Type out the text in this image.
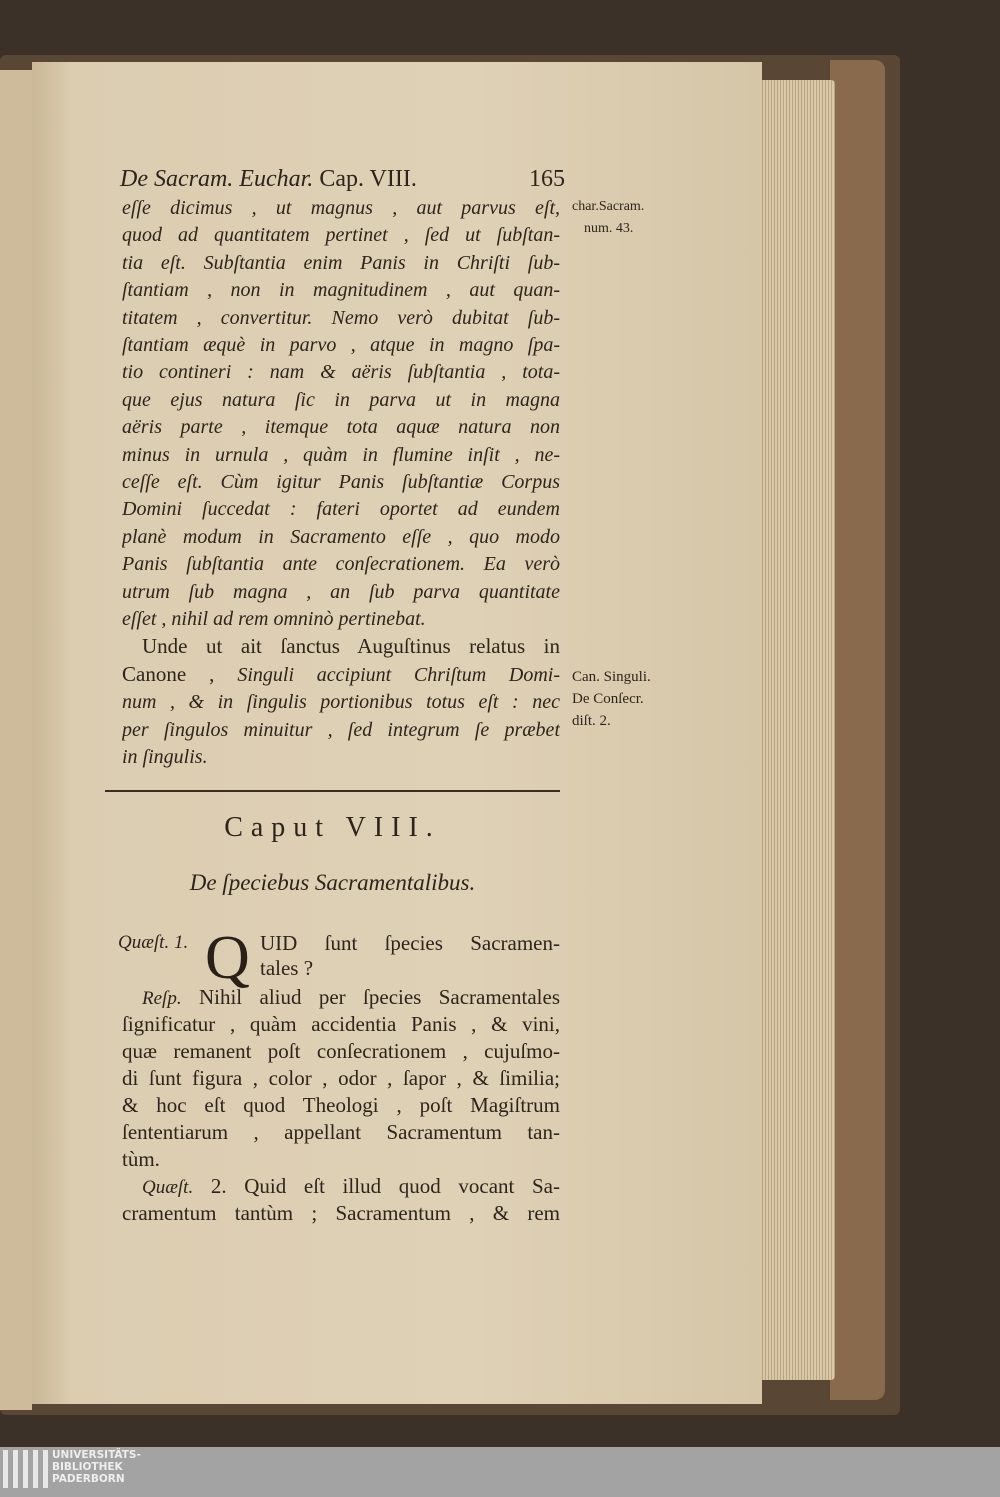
De Sacram. Euchar. Cap. VIII.	165
eſſe dicimus , ut magnus , aut parvus eſt,
quod ad quantitatem pertinet , ſed ut ſubſtan-
tia eſt. Subſtantia enim Panis in Chriſti ſub-
ſtantiam , non in magnitudinem , aut quan-
titatem , convertitur. Nemo verò dubitat ſub-
ſtantiam æquè in parvo , atque in magno ſpa-
tio contineri : nam & aëris ſubſtantia , tota-
que ejus natura ſic in parva ut in magna
aëris parte , itemque tota aquæ natura non
minus in urnula , quàm in flumine inſit , ne-
ceſſe eſt. Cùm igitur Panis ſubſtantiæ Corpus
Domini ſuccedat : fateri oportet ad eundem
planè modum in Sacramento eſſe , quo modo
Panis ſubſtantia ante conſecrationem. Ea verò
utrum ſub magna , an ſub parva quantitate
eſſet , nihil ad rem omninò pertinebat.
Unde ut ait ſanctus Auguſtinus relatus in
Canone , Singuli accipiunt Chriſtum Domi-
num , & in ſingulis portionibus totus eſt : nec
per ſingulos minuitur , ſed integrum ſe præbet
in ſingulis.
char.Sacram.
num. 43.
Can. Singuli.
De Conſecr.
diſt. 2.
Caput VIII.
De ſpeciebus Sacramentalibus.
Quæſt. 1. Q UID ſunt ſpecies Sacramen-
tales ?
Reſp. Nihil aliud per ſpecies Sacramentales
ſignificatur , quàm accidentia Panis , & vini,
quæ remanent poſt conſecrationem , cujuſmo-
di ſunt figura , color , odor , ſapor , & ſimilia;
& hoc eſt quod Theologi , poſt Magiſtrum
ſententiarum , appellant Sacramentum tan-
tùm.
Quæſt. 2. Quid eſt illud quod vocant Sa-
cramentum tantùm ; Sacramentum , & rem
UNIVERSITÄTS-
BIBLIOTHEK
PADERBORN
